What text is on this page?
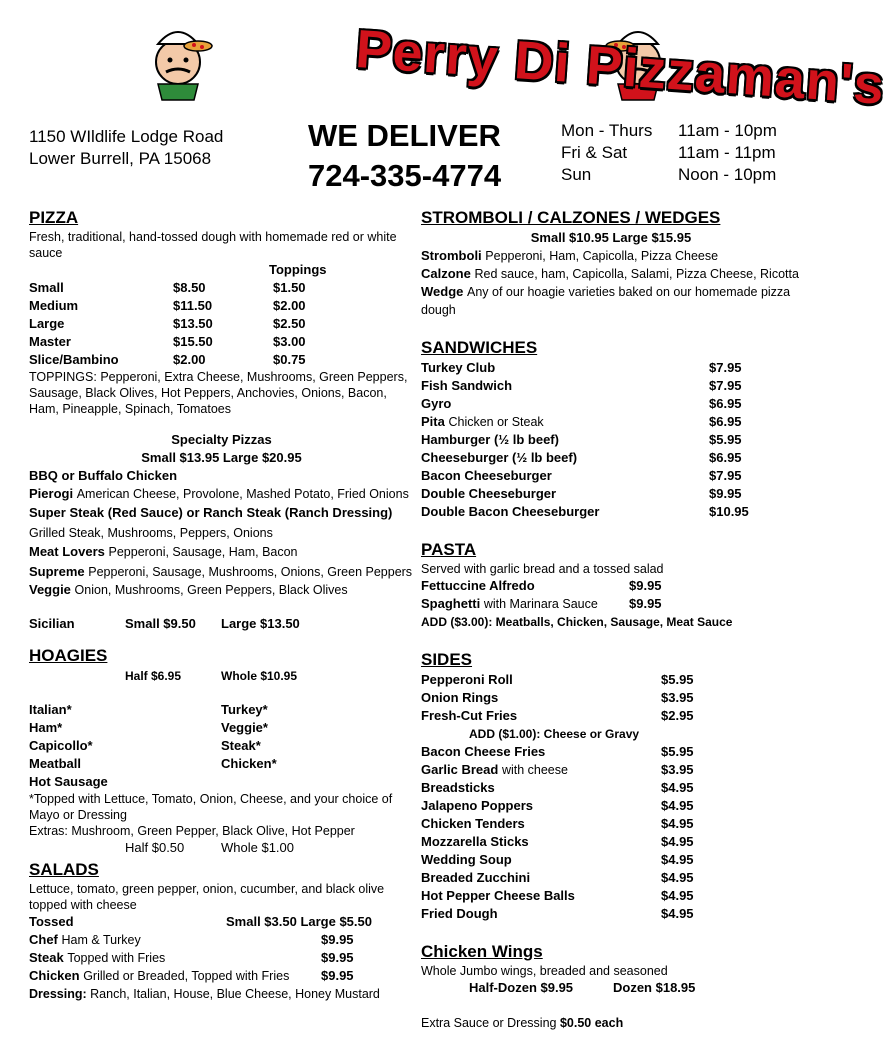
Perry Di Pizzaman's
1150 WIldlife Lodge Road
Lower Burrell, PA 15068
WE DELIVER
724-335-4774
Mon - Thurs	11am - 10pm
Fri & Sat	11am - 11pm
Sun	Noon - 10pm
PIZZA
Fresh, traditional, hand-tossed dough with homemade red or white sauce
Toppings
Small	$8.50	$1.50
Medium	$11.50	$2.00
Large	$13.50	$2.50
Master	$15.50	$3.00
Slice/Bambino	$2.00	$0.75
TOPPINGS: Pepperoni, Extra Cheese, Mushrooms, Green Peppers, Sausage, Black Olives, Hot Peppers, Anchovies, Onions, Bacon, Ham, Pineapple, Spinach, Tomatoes
Specialty Pizzas
Small $13.95 Large $20.95
BBQ or Buffalo Chicken
Pierogi American Cheese, Provolone, Mashed Potato, Fried Onions
Super Steak (Red Sauce) or Ranch Steak (Ranch Dressing) Grilled Steak, Mushrooms, Peppers, Onions
Meat Lovers Pepperoni, Sausage, Ham, Bacon
Supreme Pepperoni, Sausage, Mushrooms, Onions, Green Peppers
Veggie Onion, Mushrooms, Green Peppers, Black Olives
Sicilian	Small $9.50	Large $13.50
HOAGIES
Half $6.95	Whole $10.95
Italian*	Turkey*
Ham*	Veggie*
Capicollo*	Steak*
Meatball	Chicken*
Hot Sausage
*Topped with Lettuce, Tomato, Onion, Cheese, and your choice of Mayo or Dressing
Extras: Mushroom, Green Pepper, Black Olive, Hot Pepper
Half $0.50	Whole $1.00
SALADS
Lettuce, tomato, green pepper, onion, cucumber, and black olive topped with cheese
Tossed	Small $3.50 Large $5.50
Chef Ham & Turkey	$9.95
Steak Topped with Fries	$9.95
Chicken Grilled or Breaded, Topped with Fries	$9.95
Dressing: Ranch, Italian, House, Blue Cheese, Honey Mustard
STROMBOLI / CALZONES / WEDGES
Small $10.95 Large $15.95
Stromboli Pepperoni, Ham, Capicolla, Pizza Cheese
Calzone Red sauce, ham, Capicolla, Salami, Pizza Cheese, Ricotta
Wedge Any of our hoagie varieties baked on our homemade pizza dough
SANDWICHES
Turkey Club	$7.95
Fish Sandwich	$7.95
Gyro	$6.95
Pita Chicken or Steak	$6.95
Hamburger (½ lb beef)	$5.95
Cheeseburger (½ lb beef)	$6.95
Bacon Cheeseburger	$7.95
Double Cheeseburger	$9.95
Double Bacon Cheeseburger	$10.95
PASTA
Served with garlic bread and a tossed salad
Fettuccine Alfredo	$9.95
Spaghetti with Marinara Sauce	$9.95
ADD ($3.00): Meatballs, Chicken, Sausage, Meat Sauce
SIDES
Pepperoni Roll	$5.95
Onion Rings	$3.95
Fresh-Cut Fries	$2.95
ADD ($1.00): Cheese or Gravy
Bacon Cheese Fries	$5.95
Garlic Bread with cheese	$3.95
Breadsticks	$4.95
Jalapeno Poppers	$4.95
Chicken Tenders	$4.95
Mozzarella Sticks	$4.95
Wedding Soup	$4.95
Breaded Zucchini	$4.95
Hot Pepper Cheese Balls	$4.95
Fried Dough	$4.95
Chicken Wings
Whole Jumbo wings, breaded and seasoned
Half-Dozen $9.95	Dozen $18.95
Extra Sauce or Dressing $0.50 each
